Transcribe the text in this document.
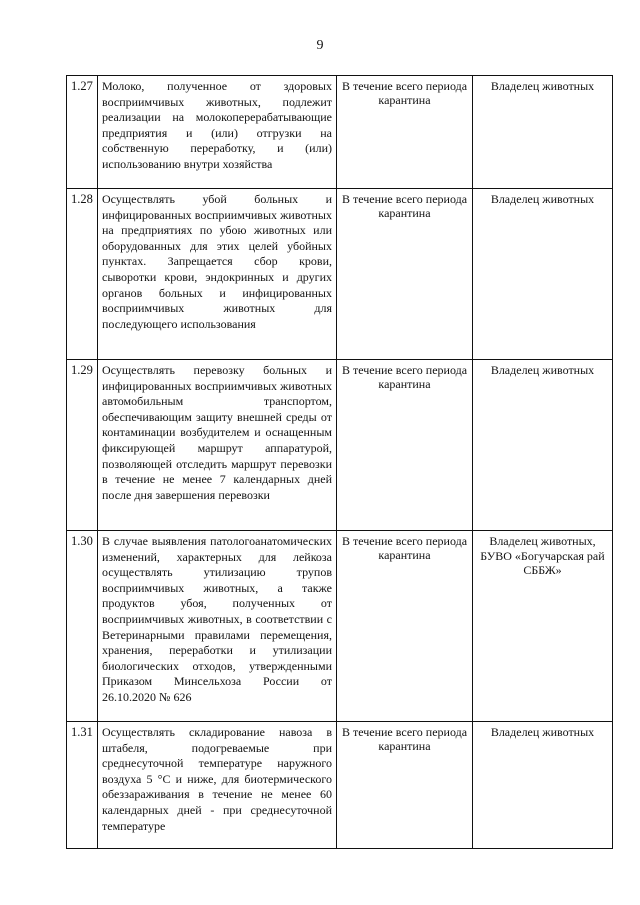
9
1.27	Молоко, полученное от здоровых восприимчивых животных, подлежит реализации на молокоперерабатывающие предприятия и (или) отгрузки на собственную переработку, и (или) использованию внутри хозяйства	В течение всего периода карантина	Владелец животных
1.28	Осуществлять убой больных и инфицированных восприимчивых животных на предприятиях по убою животных или оборудованных для этих целей убойных пунктах. Запрещается сбор крови, сыворотки крови, эндокринных и других органов больных и инфицированных восприимчивых животных для последующего использования	В течение всего периода карантина	Владелец животных
1.29	Осуществлять перевозку больных и инфицированных восприимчивых животных автомобильным транспортом, обеспечивающим защиту внешней среды от контаминации возбудителем и оснащенным фиксирующей маршрут аппаратурой, позволяющей отследить маршрут перевозки в течение не менее 7 календарных дней после дня завершения перевозки	В течение всего периода карантина	Владелец животных
1.30	В случае выявления патологоанатомических изменений, характерных для лейкоза осуществлять утилизацию трупов восприимчивых животных, а также продуктов убоя, полученных от восприимчивых животных, в соответствии с Ветеринарными правилами перемещения, хранения, переработки и утилизации биологических отходов, утвержденными Приказом Минсельхоза России от 26.10.2020 № 626	В течение всего периода карантина	Владелец животных, БУВО «Богучарская рай СББЖ»
1.31	Осуществлять складирование навоза в штабеля, подогреваемые при среднесуточной температуре наружного воздуха 5 °С и ниже, для биотермического обеззараживания в течение не менее 60 календарных дней - при среднесуточной температуре	В течение всего периода карантина	Владелец животных
